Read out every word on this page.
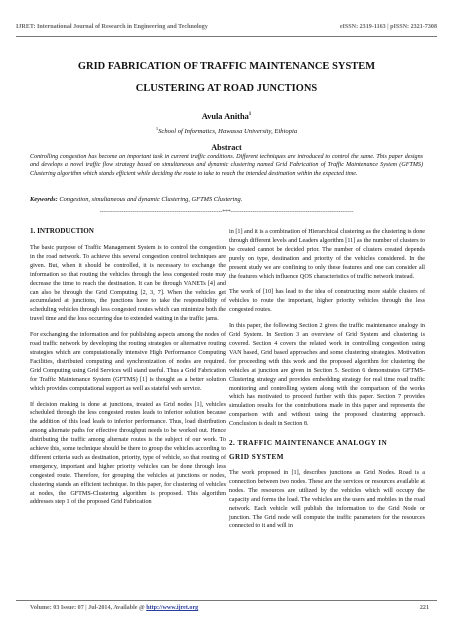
IJRET: International Journal of Research in Engineering and Technology	eISSN: 2319-1163 | pISSN: 2321-7308
GRID FABRICATION OF TRAFFIC MAINTENANCE SYSTEM
CLUSTERING AT ROAD JUNCTIONS
Avula Anitha$^1$
$^1$School of Informatics, Hawassa University, Ethiopia
Abstract
Controlling congestion has become an important task in current traffic conditions. Different techniques are introduced to control the same. This paper designs and develops a novel traffic flow strategy based on simultaneous and dynamic clustering named Grid Fabrication of Traffic Maintenance System (GFTMS) Clustering algorithm which stands efficient while deciding the route to take to reach the intended destination within the expected time.
Keywords: Congestion, simultaneous and dynamic Clustering, GFTMS Clustering.
-------------------------------------------------------------------***-------------------------------------------------------------------
1. INTRODUCTION

The basic purpose of Traffic Management System is to control the congestion in the road network. To achieve this several congestion control techniques are given. But, when it should be controlled, it is necessary to exchange the information so that routing the vehicles through the less congested route may decrease the time to reach the destination. It can be through VANETs [4] and can also be through the Grid Computing [2, 3, 7]. When the vehicles get accumulated at junctions, the junctions have to take the responsibility of scheduling vehicles through less congested routes which can minimize both the travel time and the loss occurring due to extended waiting in the traffic jams.

For exchanging the information and for publishing aspects among the nodes of road traffic network by developing the routing strategies or alternative routing strategies which are computationally intensive High Performance Computing Facilities, distributed computing and synchronization of nodes are required. Grid Computing using Grid Services will stand useful. Thus a Grid Fabrication for Traffic Maintenance System (GFTMS) [1] is thought as a better solution which provides computational support as well as stateful web service.

If decision making is done at junctions, treated as Grid nodes [1], vehicles scheduled through the less congested routes leads to inferior solution because the addition of this load leads to inferior performance. Thus, load distribution among alternate paths for effective throughput needs to be worked out. Hence distributing the traffic among alternate routes is the subject of our work. To achieve this, some technique should be there to group the vehicles according to different criteria such as destination, priority, type of vehicle, so that routing of emergency, important and higher priority vehicles can be done through less congested route. Therefore, for grouping the vehicles at junctions or nodes, clustering stands an efficient technique. In this paper, for clustering of vehicles at nodes, the GFTMS-Clustering algorithm is proposed. This algorithm addresses step 1 of the proposed Grid Fabrication

in [1] and it is a combination of Hierarchical clustering as the clustering is done through different levels and Leaders algorithm [11] as the number of clusters to be created cannot be decided prior. The number of clusters created depends purely on type, destination and priority of the vehicles considered. In the present study we are confining to only these features and one can consider all the features which influence QOS characteristics of traffic network instead.

The work of [10] has lead to the idea of constructing more stable clusters of vehicles to route the important, higher priority vehicles through the less congested routes.

In this paper, the following Section 2 gives the traffic maintenance analogy in Grid System. In Section 3 an overview of Grid System and clustering is covered. Section 4 covers the related work in controlling congestion using VAN based, Grid based approaches and some clustering strategies. Motivation for proceeding with this work and the proposed algorithm for clustering the vehicles at junction are given in Section 5. Section 6 demonstrates GFTMS-Clustering strategy and provides embedding strategy for real time road traffic monitoring and controlling system along with the comparison of the works which has motivated to proceed further with this paper. Section 7 provides simulation results for the contributions made in this paper and represents the comparison with and without using the proposed clustering approach. Conclusion is dealt in Section 8.

2. TRAFFIC MAINTENANCE ANALOGY IN
GRID SYSTEM

The work proposed in [1], describes junctions as Grid Nodes. Road is a connection between two nodes. These are the services or resources available at nodes. The resources are utilized by the vehicles which will occupy the capacity and forms the load. The vehicles are the users and mobiles in the road network. Each vehicle will publish the information to the Grid Node or junction. The Grid node will compute the traffic parameters for the resources connected to it and will in

Volume: 03 Issue: 07 | Jul-2014, Available @ http://www.ijret.org	221
